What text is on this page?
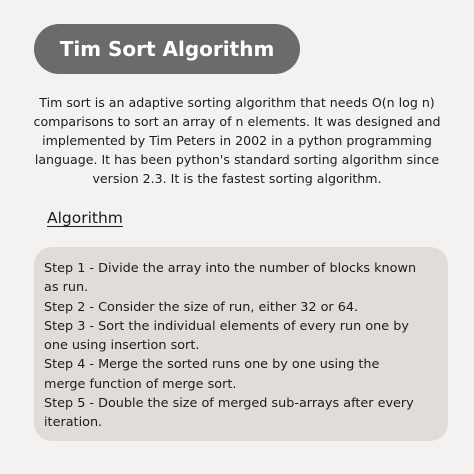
Tim Sort Algorithm
Tim sort is an adaptive sorting algorithm that needs O(n log n)
comparisons to sort an array of n elements. It was designed and
implemented by Tim Peters in 2002 in a python programming
language. It has been python's standard sorting algorithm since
version 2.3. It is the fastest sorting algorithm.
Algorithm
Step 1 - Divide the array into the number of blocks known
as run.
Step 2 - Consider the size of run, either 32 or 64.
Step 3 - Sort the individual elements of every run one by
one using insertion sort.
Step 4 - Merge the sorted runs one by one using the
merge function of merge sort.
Step 5 - Double the size of merged sub-arrays after every
iteration.
